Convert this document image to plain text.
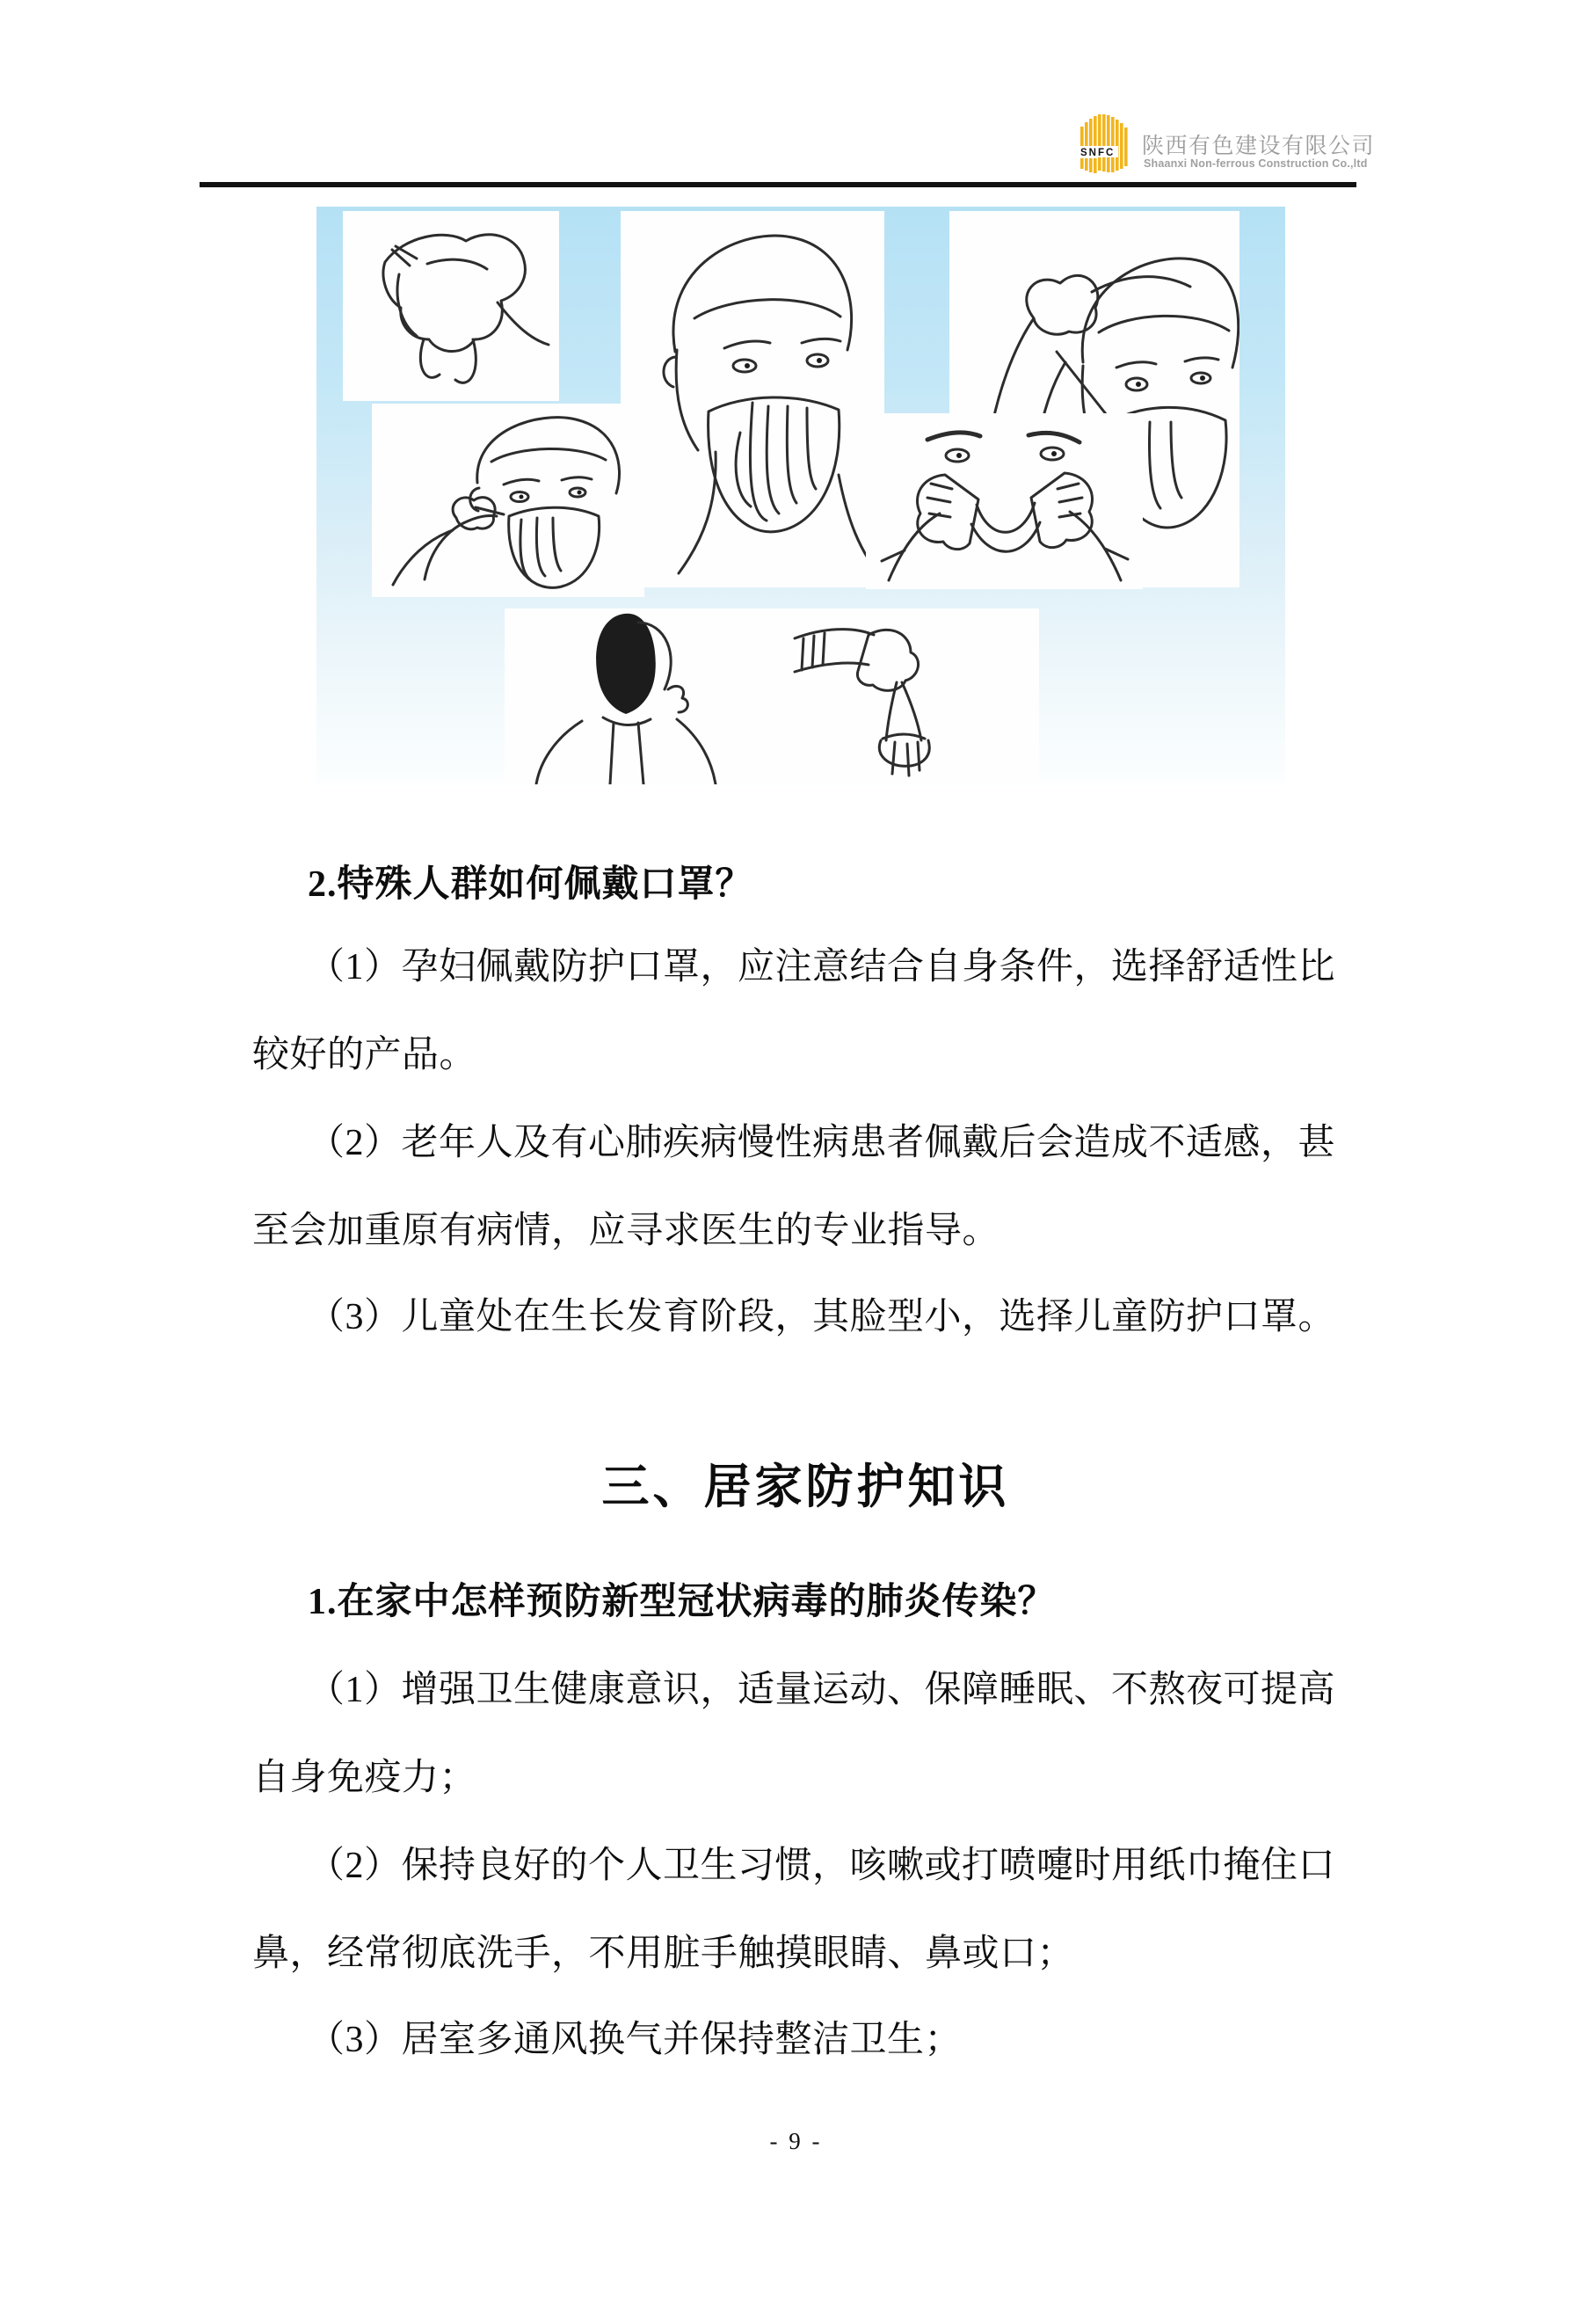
SNFC 陕西有色建设有限公司
Shaanxi Non-ferrous Construction Co.,ltd
2.特殊人群如何佩戴口罩？
（1）孕妇佩戴防护口罩，应注意结合自身条件，选择舒适性比
较好的产品。
（2）老年人及有心肺疾病慢性病患者佩戴后会造成不适感，甚
至会加重原有病情，应寻求医生的专业指导。
（3）儿童处在生长发育阶段，其脸型小，选择儿童防护口罩。
三、居家防护知识
1.在家中怎样预防新型冠状病毒的肺炎传染？
（1）增强卫生健康意识，适量运动、保障睡眠、不熬夜可提高
自身免疫力；
（2）保持良好的个人卫生习惯，咳嗽或打喷嚏时用纸巾掩住口
鼻，经常彻底洗手，不用脏手触摸眼睛、鼻或口；
（3）居室多通风换气并保持整洁卫生；
- 9 -
